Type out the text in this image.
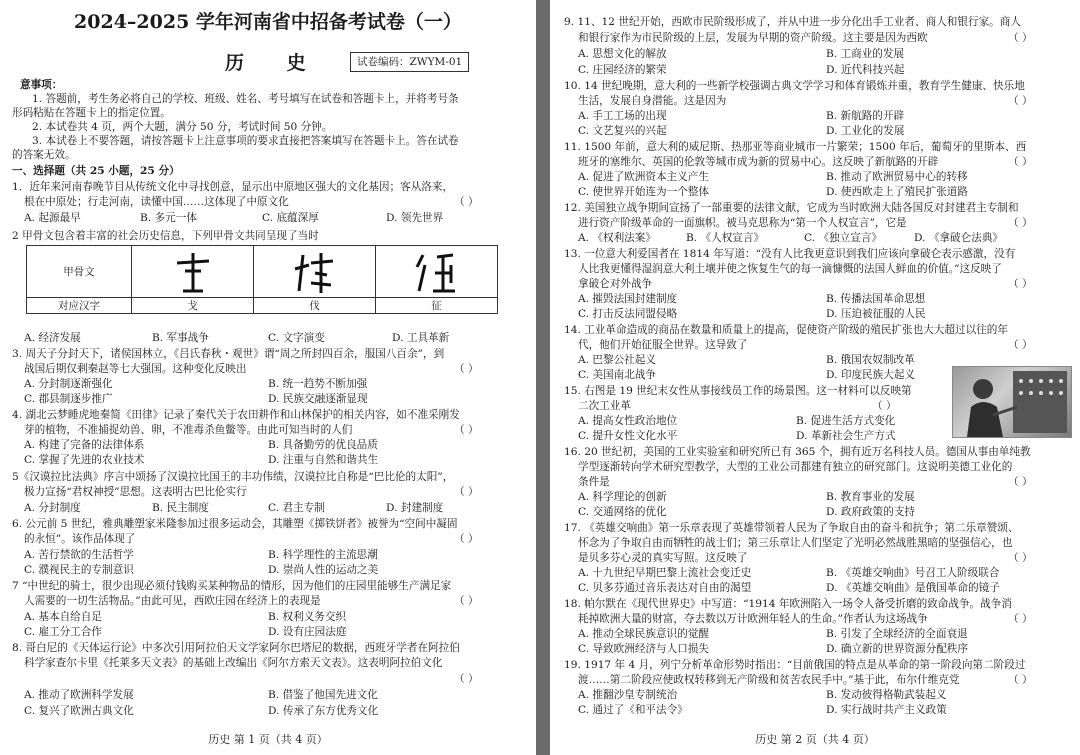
2024–2025 学年河南省中招备考试卷（一）
历 史	试卷编码：ZWYM-01
意事项：
1. 答题前，考生务必将自己的学校、班级、姓名、考号填写在试卷和答题卡上，并将考号条
形码粘贴在答题卡上的指定位置。
2. 本试卷共 4 页，两个大题，满分 50 分，考试时间 50 分钟。
3. 本试卷上不要答题，请按答题卡上注意事项的要求直接把答案填写在答题卡上。答在试卷
的答案无效。
一、选择题（共 25 小题，25 分）
1．近年来河南春晚节目从传统文化中寻找创意，显示出中原地区强大的文化基因；客从洛来，
根在中原处；行走河南，读懂中国……这体现了中原文化	（ ）
A. 起源最早	B. 多元一体	C. 底蕴深厚	D. 领先世界
2 甲骨文包含着丰富的社会历史信息，下列甲骨文共同呈现了当时
甲骨文	

对应汉字	戈	伐	征
A. 经济发展	B. 军事战争	C. 文字演变	D. 工具革新
3. 周天子分封天下，诸侯国林立，《吕氏春秋・观世》谓“周之所封四百余，服国八百余”，到
战国后期仅剩秦赵等七大强国。这种变化反映出	（ ）
A. 分封制逐渐强化	B. 统一趋势不断加强
C. 郡县制逐步推广	D. 民族交融逐渐显现
4. 湖北云梦睡虎地秦简《田律》记录了秦代关于农田耕作和山林保护的相关内容，如不准采刚发
芽的植物，不准捕捉幼兽、卵，不准毒杀鱼鳖等。由此可知当时的人们	（ ）
A. 构建了完备的法律体系	B. 具备勤劳的优良品质
C. 掌握了先进的农业技术	D. 注重与自然和谐共生
5《汉谟拉比法典》序言中颂扬了汉谟拉比国王的丰功伟绩，汉谟拉比自称是“巴比伦的太阳”，
极力宣扬“君权神授”思想。这表明古巴比伦实行	（ ）
A. 分封制度	B. 民主制度	C. 君主专制	D. 封建制度
6. 公元前 5 世纪，雅典雕塑家米隆参加过很多运动会，其雕塑《掷铁饼者》被誉为“空间中凝固
的永恒”。该作品体现了	（ ）
A. 苦行禁欲的生活哲学	B. 科学理性的主流思潮
C. 濮视民主的专制意识	D. 崇尚人性的运动之美
7 “中世纪的骑士，很少出现必须付钱购买某种物品的情形，因为他们的庄园里能够生产满足家
人需要的一切生活物品。”由此可见，西欧庄园在经济上的表现是	（ ）
A. 基本自给自足	B. 权利义务交织
C. 雇工分工合作	D. 设有庄园法庭
8. 哥白尼的《天体运行论》中多次引用阿拉伯天文学家阿尔巴塔尼的数据，西班牙学者在阿拉伯
科学家查尔卡里《托莱多天文表》的基础上改编出《阿尔方索天文表》。这表明阿拉伯文化
（ ）
A. 推动了欧洲科学发展	B. 借鉴了他国先进文化
C. 复兴了欧洲古典文化	D. 传承了东方优秀文化
历史 第 1 页（共 4 页）
9. 11、12 世纪开始，西欧市民阶级形成了，并从中进一步分化出手工业者、商人和银行家。商人
和银行家作为市民阶级的上层，发展为早期的资产阶级。这主要是因为西欧	（ ）
A. 思想文化的解放	B. 工商业的发展
C. 庄园经济的繁荣	D. 近代科技兴起
10. 14 世纪晚期，意大利的一些新学校强调古典文学学习和体育锻炼并重，教育学生健康、快乐地
生活，发展自身潜能。这是因为	（ ）
A. 手工工场的出现	B. 新航路的开辟
C. 文艺复兴的兴起	D. 工业化的发展
11. 1500 年前，意大利的威尼斯、热那亚等商业城市一片繁荣；1500 年后，葡萄牙的里斯本、西
班牙的塞维尔、英国的伦敦等城市成为新的贸易中心。这反映了新航路的开辟	（ ）
A. 促进了欧洲资本主义产生	B. 推动了欧洲贸易中心的转移
C. 使世界开始连为一个整体	D. 使西欧走上了殖民扩张道路
12. 美国独立战争期间宣扬了一部重要的法律文献，它成为当时欧洲大陆各国反对封建君主专制和
进行资产阶级革命的一面旗帜。被马克思称为“第一个人权宣言”，它是	（ ）
A. 《权利法案》	B. 《人权宣言》	C. 《独立宣言》	D. 《拿破仑法典》
13. 一位意大利爱国者在 1814 年写道：“没有人比我更意识到我们应该向拿破仑表示感激，没有
人比我更懂得湿润意大利土壤并使之恢复生气的每一滴慷慨的法国人鲜血的价值。”这反映了
拿破仑对外战争	（ ）
A. 摧毁法国封建制度	B. 传播法国革命思想
C. 打击反法同盟侵略	D. 压迫被征服的人民
14. 工业革命造成的商品在数量和质量上的提高，促使资产阶级的殖民扩张也大大超过以往的年
代，他们开始征服全世界。这导致了	（ ）
A. 巴黎公社起义	B. 俄国农奴制改革
C. 美国南北战争	D. 印度民族大起义
15. 右图是 19 世纪末女性从事接线员工作的场景图。这一材料可以反映第
二次工业革	（ ）
A. 提高女性政治地位	B. 促进生活方式变化
C. 提升女性文化水平	D. 革新社会生产方式
16. 20 世纪初，美国的工业实验室和研究所已有 365 个，拥有近万名科技人员。德国从事由单纯教
学型逐渐转向学术研究型教学，大型的工业公司都建有独立的研究部门。这说明美德工业化的
条件是	（ ）
A. 科学理论的创新	B. 教育事业的发展
C. 交通网络的优化	D. 政府政策的支持
17. 《英雄交响曲》第一乐章表现了英雄带领着人民为了争取自由的奋斗和抗争；第二乐章赞颂、
怀念为了争取自由而牺牲的战士们；第三乐章让人们坚定了光明必然战胜黑暗的坚强信心，也
是贝多芬心灵的真实写照。这反映了	（ ）
A. 十九世纪早期巴黎上流社会变迁史	B. 《英雄交响曲》号召工人阶级联合
C. 贝多芬通过音乐表达对自由的渴望	D. 《英雄交响曲》是俄国革命的镜子
18. 帕尔默在《现代世界史》中写道：“1914 年欧洲陷入一场令人备受折磨的致命战争。战争消
耗掉欧洲大量的财富，夺去数以万计欧洲年轻人的生命。”作者认为这场战争	（ ）
A. 推动全球民族意识的觉醒	B. 引发了全球经济的全面衰退
C. 导致欧洲经济与人口损失	D. 确立新的世界资源分配秩序
19. 1917 年 4 月，列宁分析革命形势时指出：“目前俄国的特点是从革命的第一阶段向第二阶段过
渡……第二阶段应使政权转移到无产阶级和贫苦农民手中。”基于此，布尔什维克党	（ ）
A. 推翻沙皇专制统治	B. 发动彼得格勒武装起义
C. 通过了《和平法令》	D. 实行战时共产主义政策
历史 第 2 页（共 4 页）
